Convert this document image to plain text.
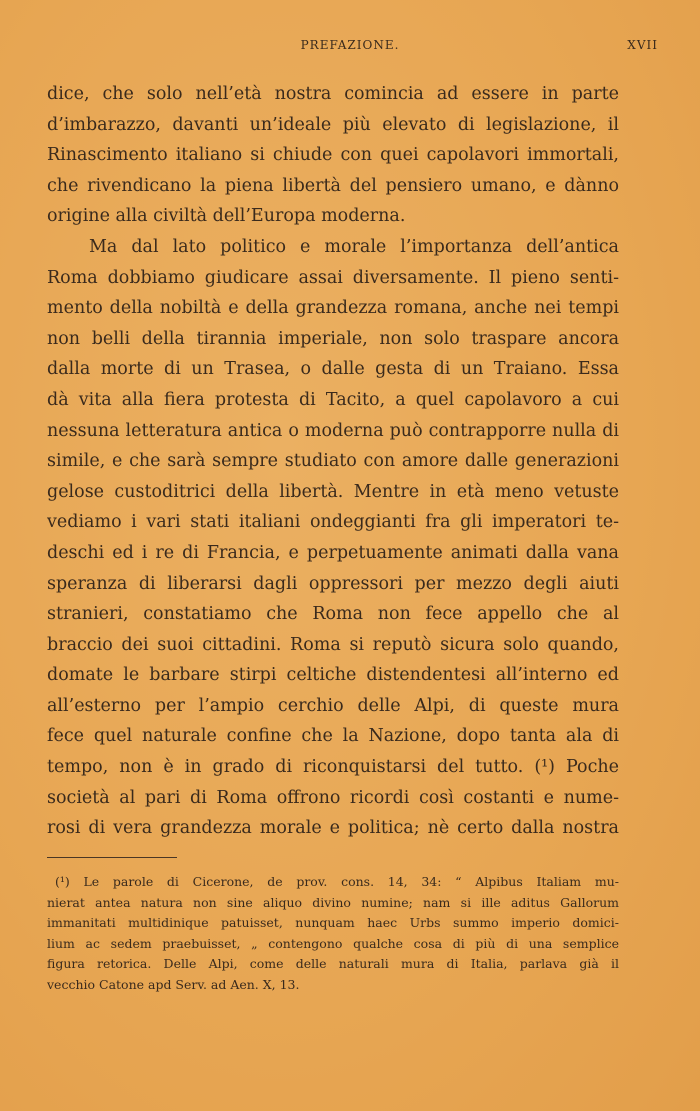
PREFAZIONE.	XVII
dice, che solo nell’età nostra comincia ad essere in parte
d’imbarazzo, davanti un’ideale più elevato di legislazione, il
Rinascimento italiano si chiude con quei capolavori immortali,
che rivendicano la piena libertà del pensiero umano, e dànno
origine alla civiltà dell’Europa moderna.
Ma dal lato politico e morale l’importanza dell’antica
Roma dobbiamo giudicare assai diversamente. Il pieno senti-
mento della nobiltà e della grandezza romana, anche nei tempi
non belli della tirannia imperiale, non solo traspare ancora
dalla morte di un Trasea, o dalle gesta di un Traiano. Essa
dà vita alla fiera protesta di Tacito, a quel capolavoro a cui
nessuna letteratura antica o moderna può contrapporre nulla di
simile, e che sarà sempre studiato con amore dalle generazioni
gelose custoditrici della libertà. Mentre in età meno vetuste
vediamo i vari stati italiani ondeggianti fra gli imperatori te-
deschi ed i re di Francia, e perpetuamente animati dalla vana
speranza di liberarsi dagli oppressori per mezzo degli aiuti
stranieri, constatiamo che Roma non fece appello che al
braccio dei suoi cittadini. Roma si reputò sicura solo quando,
domate le barbare stirpi celtiche distendentesi all’interno ed
all’esterno per l’ampio cerchio delle Alpi, di queste mura
fece quel naturale confine che la Nazione, dopo tanta ala di
tempo, non è in grado di riconquistarsi del tutto. (¹) Poche
società al pari di Roma offrono ricordi così costanti e nume-
rosi di vera grandezza morale e politica; nè certo dalla nostra
(¹) Le parole di Cicerone, de prov. cons. 14, 34: “ Alpibus Italiam mu-
nierat antea natura non sine aliquo divino numine; nam si ille aditus Gallorum
immanitati multidinique patuisset, nunquam haec Urbs summo imperio domici-
lium ac sedem praebuisset, „ contengono qualche cosa di più di una semplice
figura retorica. Delle Alpi, come delle naturali mura di Italia, parlava già il
vecchio Catone apd Serv. ad Aen. X, 13.
